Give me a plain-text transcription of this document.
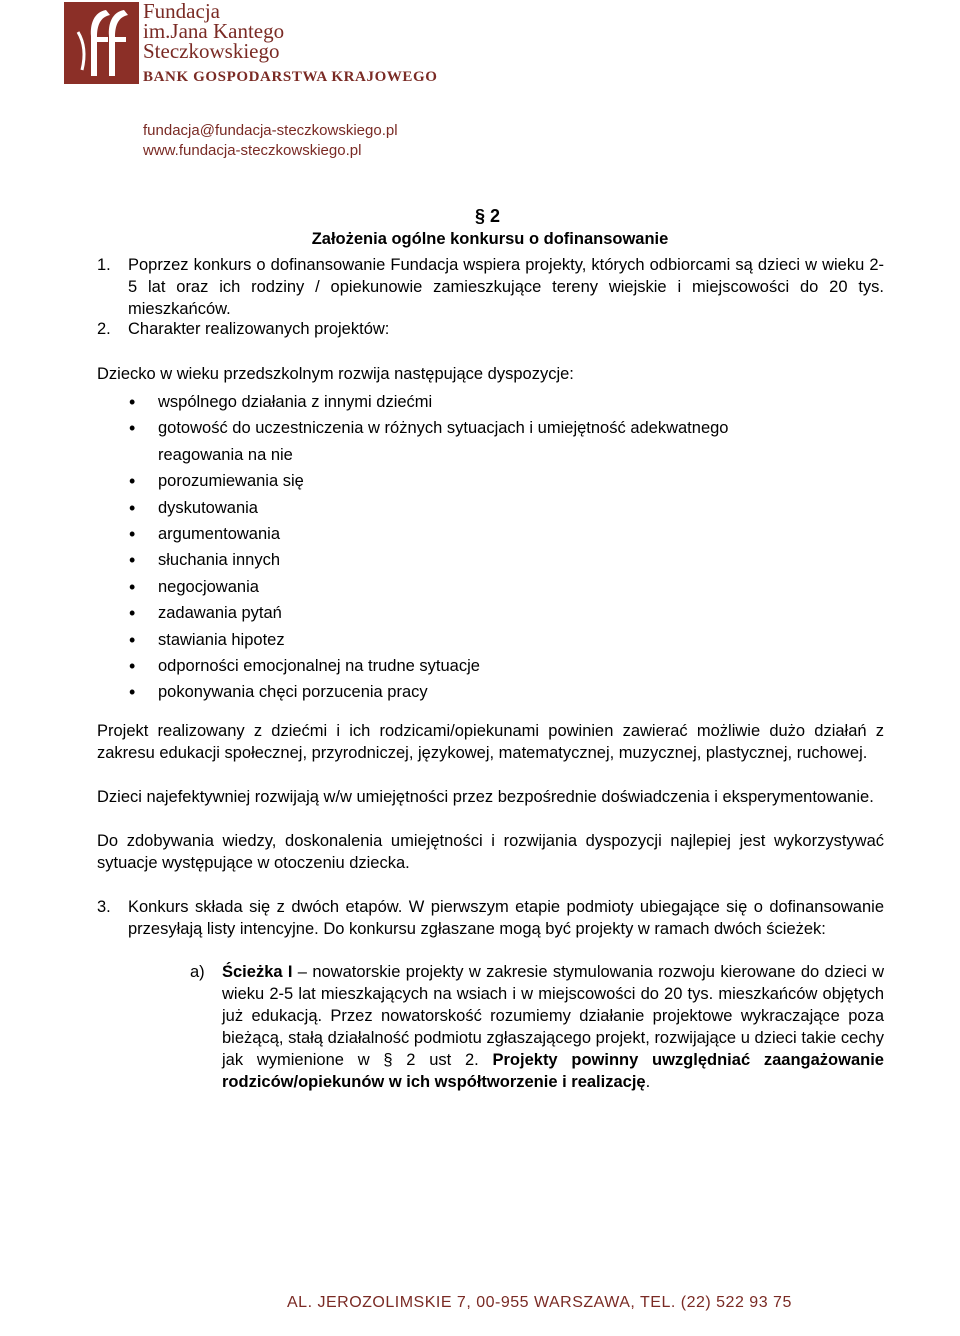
Fundacja
im.Jana Kantego
Steczkowskiego
BANK GOSPODARSTWA KRAJOWEGO
fundacja@fundacja-steczkowskiego.pl
www.fundacja-steczkowskiego.pl
§ 2
Założenia ogólne konkursu o dofinansowanie
1. Poprzez konkurs o dofinansowanie Fundacja wspiera projekty, których odbiorcami są dzieci w wieku 2-5 lat oraz ich rodziny / opiekunowie zamieszkujące tereny wiejskie i miejscowości do 20 tys. mieszkańców.
2. Charakter realizowanych projektów:
Dziecko w wieku przedszkolnym rozwija następujące dyspozycje:
• wspólnego działania z innymi dziećmi
• gotowość do uczestniczenia w różnych sytuacjach i umiejętność adekwatnego reagowania na nie
• porozumiewania się
• dyskutowania
• argumentowania
• słuchania innych
• negocjowania
• zadawania pytań
• stawiania hipotez
• odporności emocjonalnej na trudne sytuacje
• pokonywania chęci porzucenia pracy
Projekt realizowany z dziećmi i ich rodzicami/opiekunami powinien zawierać możliwie dużo działań z zakresu edukacji społecznej, przyrodniczej, językowej, matematycznej, muzycznej, plastycznej, ruchowej.
Dzieci najefektywniej rozwijają w/w umiejętności przez bezpośrednie doświadczenia i eksperymentowanie.
Do zdobywania wiedzy, doskonalenia umiejętności i rozwijania dyspozycji najlepiej jest wykorzystywać sytuacje występujące w otoczeniu dziecka.
3. Konkurs składa się z dwóch etapów. W pierwszym etapie podmioty ubiegające się o dofinansowanie przesyłają listy intencyjne. Do konkursu zgłaszane mogą być projekty w ramach dwóch ścieżek:
a) Ścieżka I – nowatorskie projekty w zakresie stymulowania rozwoju kierowane do dzieci w wieku 2-5 lat mieszkających na wsiach i w miejscowości do 20 tys. mieszkańców objętych już edukacją. Przez nowatorskość rozumiemy działanie projektowe wykraczające poza bieżącą, stałą działalność podmiotu zgłaszającego projekt, rozwijające u dzieci takie cechy jak wymienione w § 2 ust 2. Projekty powinny uwzględniać zaangażowanie rodziców/opiekunów w ich współtworzenie i realizację.
AL. JEROZOLIMSKIE 7, 00-955 WARSZAWA, TEL. (22) 522 93 75
